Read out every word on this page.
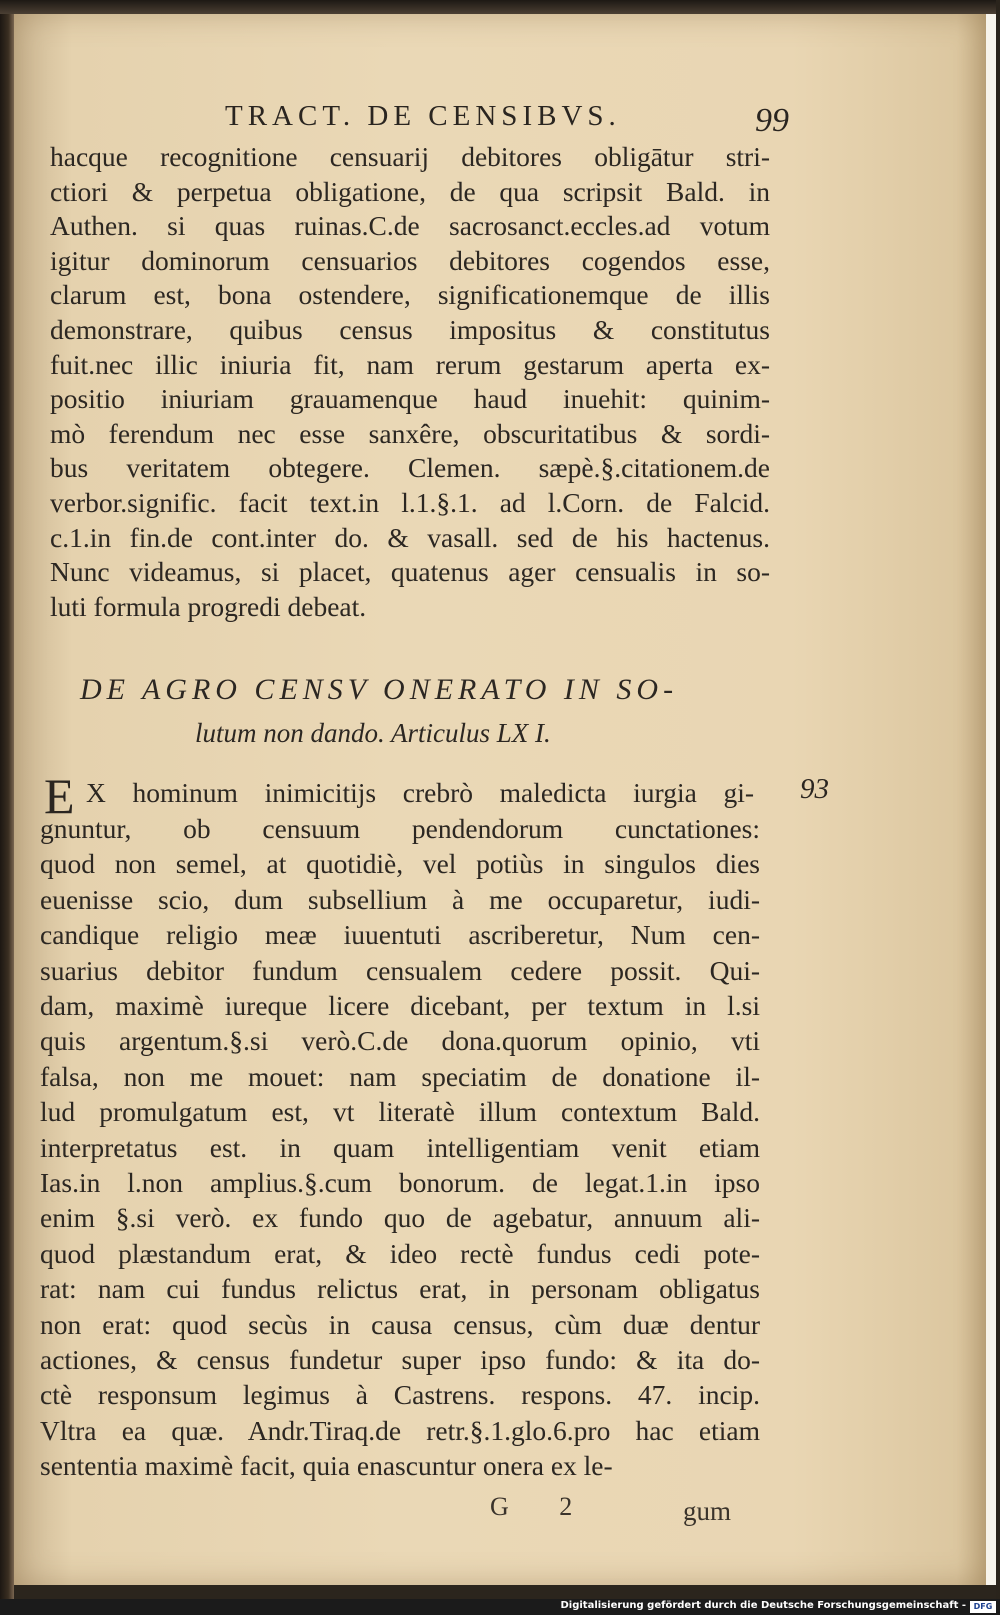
TRACT. DE CENSIBVS.	99
hacque recognitione censuarij debitores obligātur stri-
ctiori & perpetua obligatione, de qua scripsit Bald. in
Authen. si quas ruinas.C.de sacrosanct.eccles.ad votum
igitur dominorum censuarios debitores cogendos esse,
clarum est, bona ostendere, significationemque de illis
demonstrare, quibus census impositus & constitutus
fuit.nec illic iniuria fit, nam rerum gestarum aperta ex-
positio iniuriam grauamenque haud inuehit: quinim-
mò ferendum nec esse sanxêre, obscuritatibus & sordi-
bus veritatem obtegere. Clemen. sæpè.§.citationem.de
verbor.signific. facit text.in l.1.§.1. ad l.Corn. de Falcid.
c.1.in fin.de cont.inter do. & vasall. sed de his hactenus.
Nunc videamus, si placet, quatenus ager censualis in so-
luti formula progredi debeat.
DE AGRO CENSV ONERATO IN SO-
lutum non dando. Articulus LX I.
E X hominum inimicitijs crebrò maledicta iurgia gi- 93
gnuntur, ob censuum pendendorum cunctationes:
quod non semel, at quotidiè, vel potiùs in singulos dies
euenisse scio, dum subsellium à me occuparetur, iudi-
candique religio meæ iuuentuti ascriberetur, Num cen-
suarius debitor fundum censualem cedere possit. Qui-
dam, maximè iureque licere dicebant, per textum in l.si
quis argentum.§.si verò.C.de dona.quorum opinio, vti
falsa, non me mouet: nam speciatim de donatione il-
lud promulgatum est, vt literatè illum contextum Bald.
interpretatus est. in quam intelligentiam venit etiam
Ias.in l.non amplius.§.cum bonorum. de legat.1.in ipso
enim §.si verò. ex fundo quo de agebatur, annuum ali-
quod plæstandum erat, & ideo rectè fundus cedi pote-
rat: nam cui fundus relictus erat, in personam obligatus
non erat: quod secùs in causa census, cùm duæ dentur
actiones, & census fundetur super ipso fundo: & ita do-
ctè responsum legimus à Castrens. respons. 47. incip.
Vltra ea quæ. Andr.Tiraq.de retr.§.1.glo.6.pro hac etiam
sententia maximè facit, quia enascuntur onera ex le-
G 2	gum
Digitalisierung gefördert durch die Deutsche Forschungsgemeinschaft - DFG
